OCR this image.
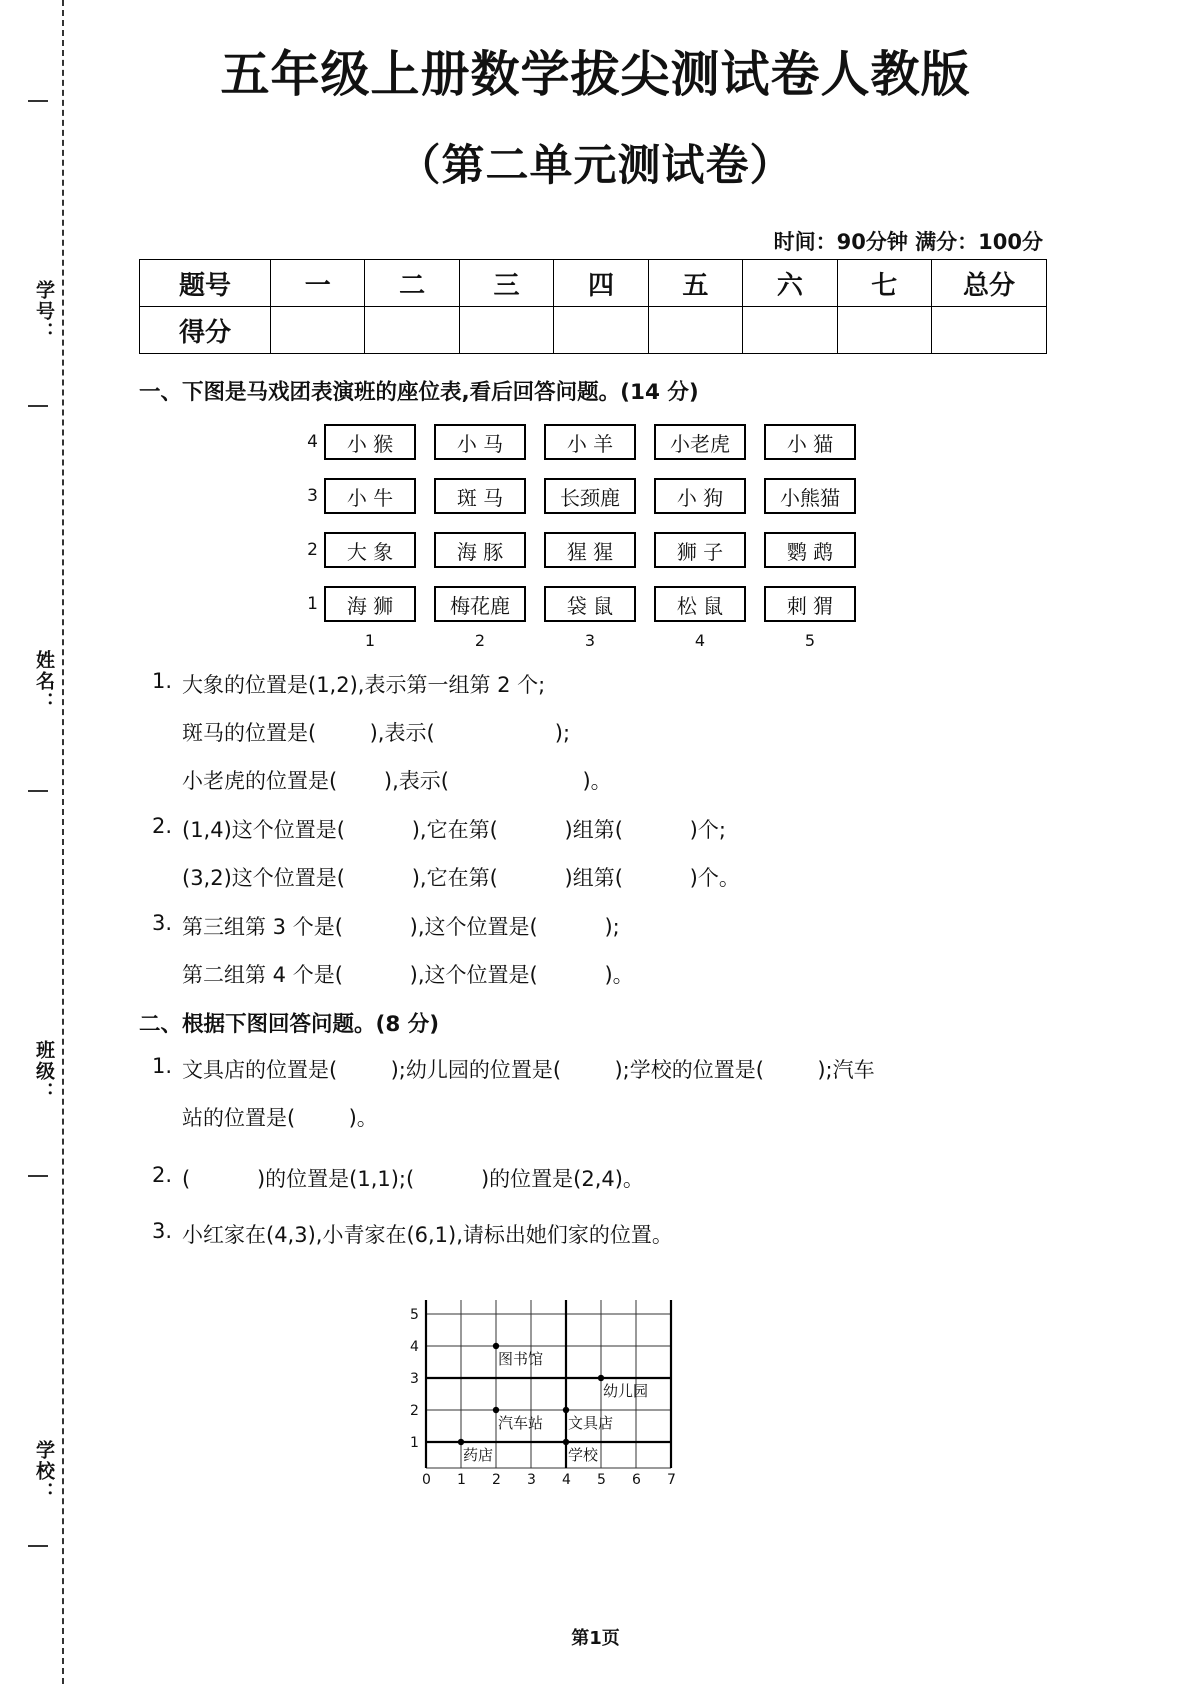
学号：
姓名：
班级：
学校：
五年级上册数学拔尖测试卷人教版
（第二单元测试卷）
时间：90分钟 满分：100分
题号	一	二	三	四	五	六	七	总分
得分								
一、下图是马戏团表演班的座位表,看后回答问题。(14 分)
4	小 猴	小 马	小 羊	小老虎	小 猫
3	小 牛	斑 马	长颈鹿	小 狗	小熊猫
2	大 象	海 豚	猩 猩	狮 子	鹦 鹉
1	海 狮	梅花鹿	袋 鼠	松 鼠	刺 猬
1	2	3	4	5
1. 大象的位置是(1,2),表示第一组第 2 个;
斑马的位置是(        ),表示(                  );
小老虎的位置是(       ),表示(                    )。
2. (1,4)这个位置是(          ),它在第(          )组第(          )个;
(3,2)这个位置是(          ),它在第(          )组第(          )个。
3. 第三组第 3 个是(          ),这个位置是(          );
第二组第 4 个是(          ),这个位置是(          )。
二、根据下图回答问题。(8 分)
1. 文具店的位置是(        );幼儿园的位置是(        );学校的位置是(        );汽车
站的位置是(        )。
2. (          )的位置是(1,1);(          )的位置是(2,4)。
3. 小红家在(4,3),小青家在(6,1),请标出她们家的位置。
药店	学校
汽车站 文具店
幼儿园
图书馆
0 1 2 3 4 5 6 7
1
2
3
4
5
第1页
